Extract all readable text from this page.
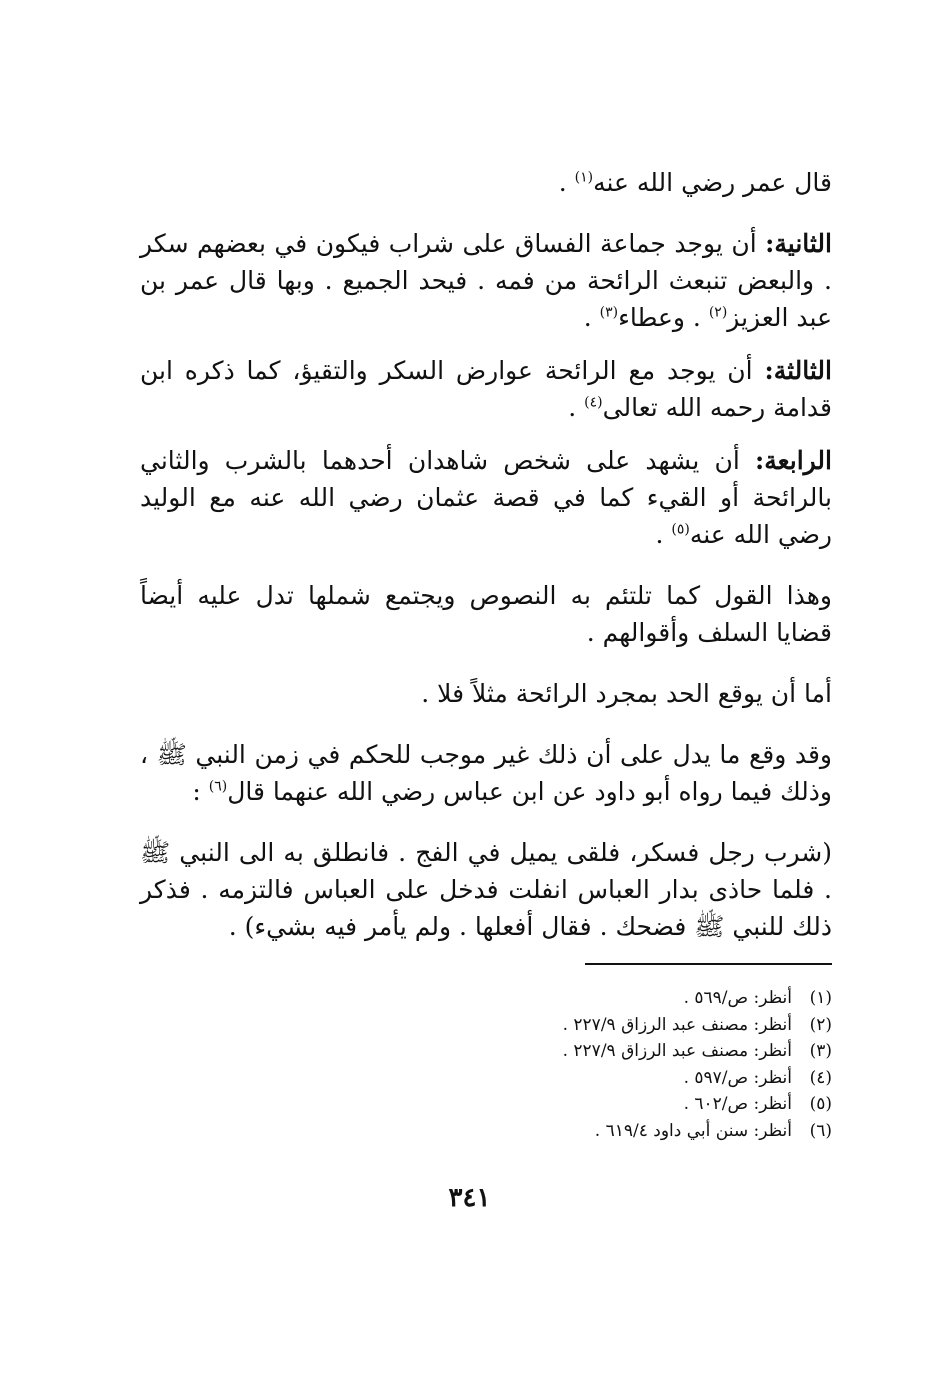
قال عمر رضي الله عنه$^{(١)}$ .

الثانية: أن يوجد جماعة الفساق على شراب فيكون في بعضهم سكر . والبعض تنبعث الرائحة من فمه . فيحد الجميع . وبها قال عمر بن عبد العزيز$^{(٢)}$ . وعطاء$^{(٣)}$ .

الثالثة: أن يوجد مع الرائحة عوارض السكر والتقيؤ، كما ذكره ابن قدامة رحمه الله تعالى$^{(٤)}$ .

الرابعة: أن يشهد على شخص شاهدان أحدهما بالشرب والثاني بالرائحة أو القيء كما في قصة عثمان رضي الله عنه مع الوليد رضي الله عنه$^{(٥)}$ .

وهذا القول كما تلتئم به النصوص ويجتمع شملها تدل عليه أيضاً قضايا السلف وأقوالهم .

أما أن يوقع الحد بمجرد الرائحة مثلاً فلا .

وقد وقع ما يدل على أن ذلك غير موجب للحكم في زمن النبي ﷺ ، وذلك فيما رواه أبو داود عن ابن عباس رضي الله عنهما قال$^{(٦)}$ :

(شرب رجل فسكر، فلقى يميل في الفج . فانطلق به الى النبي ﷺ . فلما حاذى بدار العباس انفلت فدخل على العباس فالتزمه . فذكر ذلك للنبي ﷺ فضحك . فقال أفعلها . ولم يأمر فيه بشيء) .

(١)أنظر: ص/٥٦٩ .
(٢)أنظر: مصنف عبد الرزاق ٢٢٧/٩ .
(٣)أنظر: مصنف عبد الرزاق ٢٢٧/٩ .
(٤)أنظر: ص/٥٩٧ .
(٥)أنظر: ص/٦٠٢ .
(٦)أنظر: سنن أبي داود ٦١٩/٤ .
٣٤١
